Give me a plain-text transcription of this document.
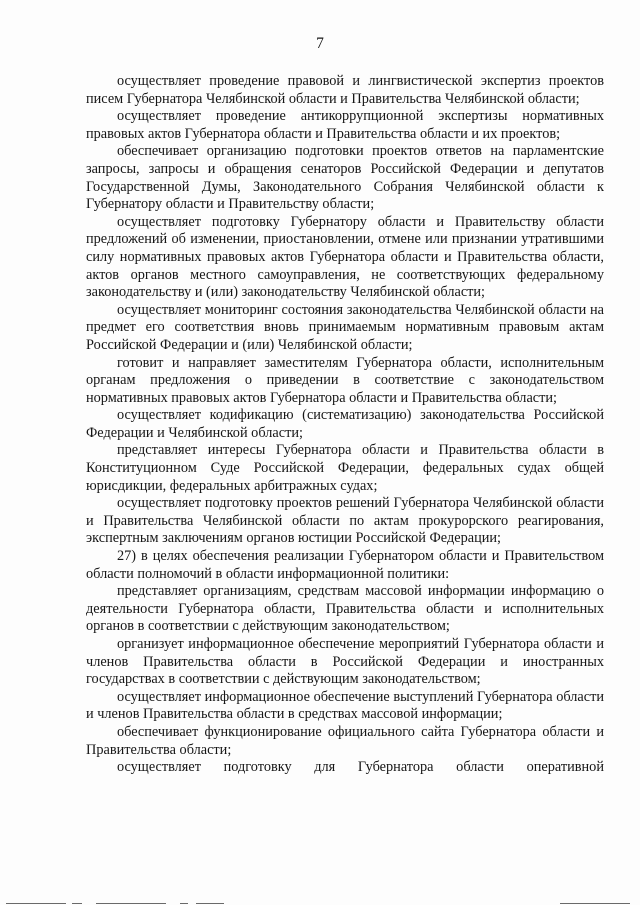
7

осуществляет проведение правовой и лингвистической экспертиз проектов писем Губернатора Челябинской области и Правительства Челябинской области;

осуществляет проведение антикоррупционной экспертизы нормативных правовых актов Губернатора области и Правительства области и их проектов;

обеспечивает организацию подготовки проектов ответов на парламентские запросы, запросы и обращения сенаторов Российской Федерации и депутатов Государственной Думы, Законодательного Собрания Челябинской области к Губернатору области и Правительству области;

осуществляет подготовку Губернатору области и Правительству области предложений об изменении, приостановлении, отмене или признании утратившими силу нормативных правовых актов Губернатора области и Правительства области, актов органов местного самоуправления, не соответствующих федеральному законодательству и (или) законодательству Челябинской области;

осуществляет мониторинг состояния законодательства Челябинской области на предмет его соответствия вновь принимаемым нормативным правовым актам Российской Федерации и (или) Челябинской области;

готовит и направляет заместителям Губернатора области, исполнительным органам предложения о приведении в соответствие с законодательством нормативных правовых актов Губернатора области и Правительства области;

осуществляет кодификацию (систематизацию) законодательства Российской Федерации и Челябинской области;

представляет интересы Губернатора области и Правительства области в Конституционном Суде Российской Федерации, федеральных судах общей юрисдикции, федеральных арбитражных судах;

осуществляет подготовку проектов решений Губернатора Челябинской области и Правительства Челябинской области по актам прокурорского реагирования, экспертным заключениям органов юстиции Российской Федерации;

27) в целях обеспечения реализации Губернатором области и Правительством области полномочий в области информационной политики:

представляет организациям, средствам массовой информации информацию о деятельности Губернатора области, Правительства области и исполнительных органов в соответствии с действующим законодательством;

организует информационное обеспечение мероприятий Губернатора области и членов Правительства области в Российской Федерации и иностранных государствах в соответствии с действующим законодательством;

осуществляет информационное обеспечение выступлений Губернатора области и членов Правительства области в средствах массовой информации;

обеспечивает функционирование официального сайта Губернатора области и Правительства области;

осуществляет подготовку для Губернатора области оперативной
